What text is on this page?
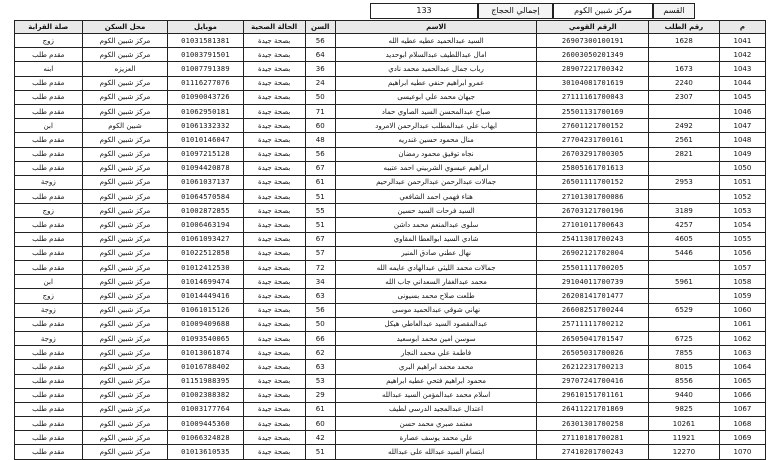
القسم
مركز شبين الكوم
إجمالي الحجاج
133
صلة القرابة	محل السكن	موبايل	الحالة الصحية	السن	الاسم	الرقم القومي	رقم الطلب	م
زوج	مركز شبين الكوم	01031581381	بصحة جيدة	56	السيد عبدالحميد عطيه عطيه الله	26907300100191	1628	1041
مقدم طلب	مركز شبين الكوم	01003791501	بصحة جيدة	64	امال عبداللطيف عبدالسلام ابوحديد	26003050201349		1042
ابنه	العزيزه	01007791389	بصحة جيدة	36	رباب جمال عبدالحميد محمد نادي	28907221700342	1673	1043
مقدم طلب	مركز شبين الكوم	01116277076	بصحة جيدة	24	عمرو ابراهيم حنفي عطيه ابراهيم	30104081701619	2240	1044
مقدم طلب	مركز شبين الكوم	01090043726	بصحة جيدة	50	جيهان محمد علي ابوعيسى	27111161700043	2307	1045
مقدم طلب	مركز شبين الكوم	01062950181	بصحة جيدة	71	صباح عبدالمحسن السيد الصاوي حماد	25501131700169		1046
ابن	شبين الكوم	01061332332	بصحة جيدة	60	ايهاب علي عبدالمطلب عبدالرحمن الامرود	27601121700152	2492	1047
مقدم طلب	مركز شبين الكوم	01010146047	بصحة جيدة	48	منال محمود حسين غندريه	27704231700161	2561	1048
مقدم طلب	مركز شبين الكوم	01097215128	بصحة جيدة	56	نجاه توفيق محمود رمضان	26703291700305	2821	1049
مقدم طلب	مركز شبين الكوم	01094420878	بصحة جيدة	67	ابراهيم عيسوي الشربيني احمد عتيبه	25805161701613		1050
زوجة	مركز شبين الكوم	01061037137	بصحة جيدة	61	جمالات عبدالرحمن عبدالرحمن عبدالرحيم	26501111700152	2953	1051
مقدم طلب	مركز شبين الكوم	01064570584	بصحة جيدة	51	هناء فهمي احمد الشافعي	27101301700086		1052
زوج	مركز شبين الكوم	01002872855	بصحة جيدة	55	السيد فرحات السيد حسين	26703121700196	3189	1053
مقدم طلب	مركز شبين الكوم	01006463194	بصحة جيدة	51	سلوى عبدالمنعم محمد داشن	27101011700643	4257	1054
مقدم طلب	مركز شبين الكوم	01061093427	بصحة جيدة	67	شادي السيد ابوالعطا المقاوي	25411301700243	4605	1055
مقدم طلب	مركز شبين الكوم	01022512858	بصحة جيدة	57	نهال عطني صادق المنير	26902121702004	5446	1056
مقدم طلب	مركز شبين الكوم	01012412530	بصحة جيدة	72	جمالات محمد الليثي عبدالهادي عايمه الله	25501111700205		1057
ابن	مركز شبين الكوم	01014699474	بصحة جيدة	34	محمد عبدالغفار السعداني جاب الله	29104011700739	5961	1058
زوج	مركز شبين الكوم	01014449416	بصحة جيدة	63	طلعت صلاح محمد بسيونى	26208141701477		1059
زوجة	مركز شبين الكوم	01061015126	بصحة جيدة	56	نهاني شوقي عبدالحميد موسى	26608251700244	6529	1060
مقدم طلب	مركز شبين الكوم	01009409688	بصحة جيدة	50	عبدالمقصود السيد عبدالعاطي هيكل	25711111700212		1061
زوجة	مركز شبين الكوم	01093540065	بصحة جيدة	66	سوسن امين محمد ابوسعيد	26505041701547	6725	1062
مقدم طلب	مركز شبين الكوم	01013061874	بصحة جيدة	62	فاطمة علي محمد النجار	26505031700026	7855	1063
مقدم طلب	مركز شبين الكوم	01016788402	بصحة جيدة	63	محمد محمد ابراهيم البري	26212231700213	8015	1064
مقدم طلب	مركز شبين الكوم	01151988395	بصحة جيدة	53	محمود ابراهيم فتحي عطيه ابراهيم	29707241700416	8556	1065
مقدم طلب	مركز شبين الكوم	01002388382	بصحة جيدة	29	اسلام محمد عبدالمؤمن السيد عبدالله	29610151701161	9440	1066
مقدم طلب	مركز شبين الكوم	01003177764	بصحة جيدة	61	اعتدال عبدالمجيد الدرسي لطيف	26411221701869	9825	1067
مقدم طلب	مركز شبين الكوم	01009445360	بصحة جيدة	60	معتمد صبري محمد حسن	26301301700258	10261	1068
مقدم طلب	مركز شبين الكوم	01066324828	بصحة جيدة	42	علي محمد يوسف عصارة	27110181700281	11921	1069
مقدم طلب	مركز شبين الكوم	01013610535	بصحة جيدة	51	ابتسام السيد عبدالله على عبدالله	27410201700243	12270	1070
